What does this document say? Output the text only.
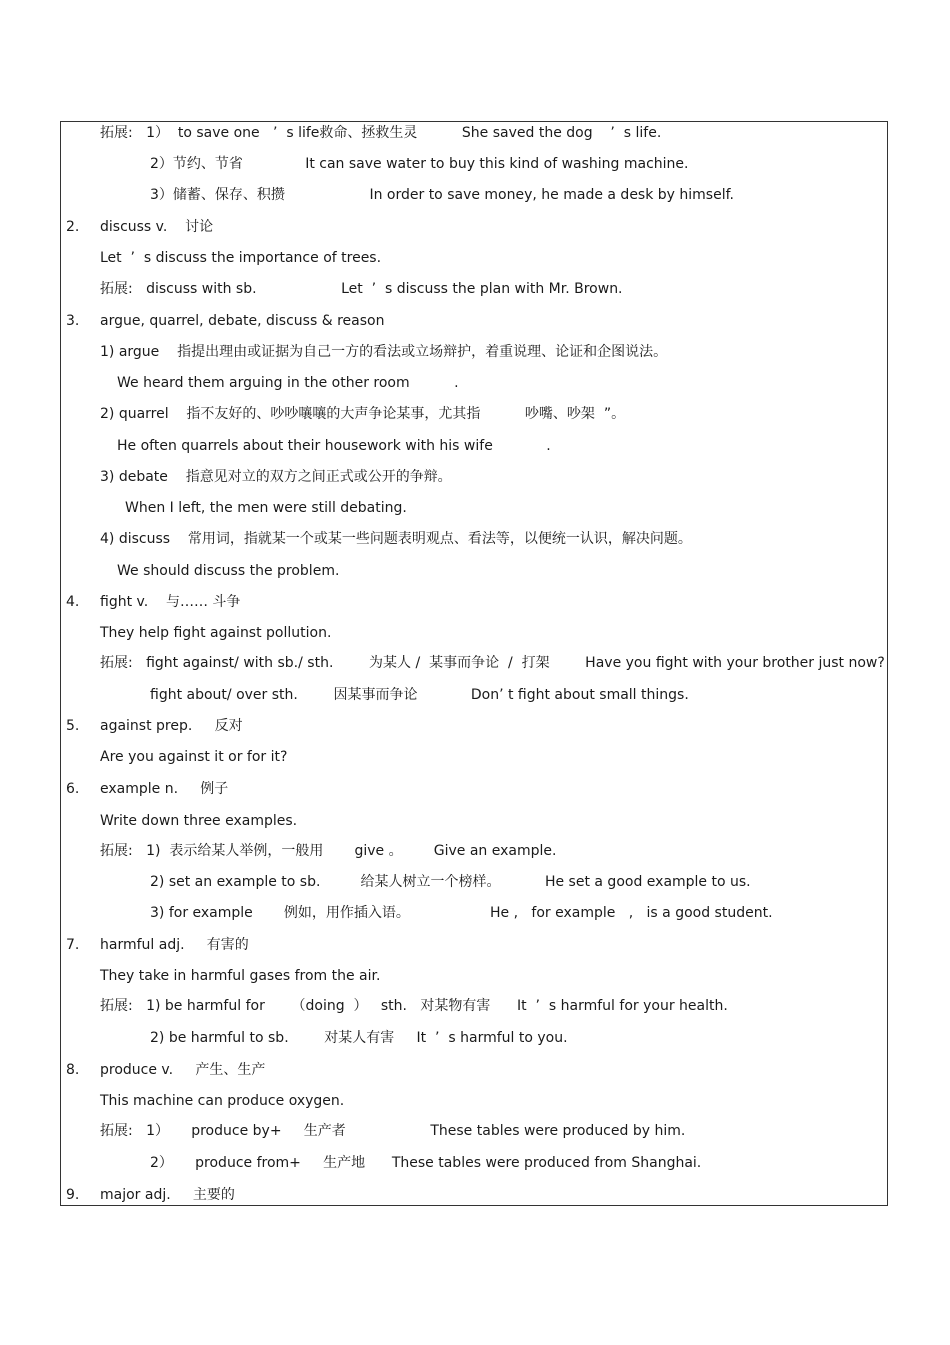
拓展:   1）  to save one   ’  s life救命、拯救生灵          She saved the dog    ’  s life.
2）节约、节省              It can save water to buy this kind of washing machine.
3）储蓄、保存、积攒                   In order to save money, he made a desk by himself.
2. discuss v.    讨论
Let  ’  s discuss the importance of trees.
拓展:   discuss with sb.                   Let  ’  s discuss the plan with Mr. Brown.
3. argue, quarrel, debate, discuss & reason
1) argue    指提出理由或证据为自己一方的看法或立场辩护，着重说理、论证和企图说法。
We heard them arguing in the other room          .
2) quarrel    指不友好的、吵吵嚷嚷的大声争论某事，尤其指          吵嘴、吵架  ”。
He often quarrels about their housework with his wife            .
3) debate    指意见对立的双方之间正式或公开的争辩。
When I left, the men were still debating.
4) discuss    常用词，指就某一个或某一些问题表明观点、看法等，以便统一认识，解决问题。
We should discuss the problem.
4. fight v.    与…… 斗争
They help fight against pollution.
拓展:   fight against/ with sb./ sth.        为某人 /  某事而争论  /  打架        Have you fight with your brother just now?
fight about/ over sth.        因某事而争论            Don’ t fight about small things.
5. against prep.     反对
Are you against it or for it?
6. example n.     例子
Write down three examples.
拓展:   1)  表示给某人举例，一般用       give 。       Give an example.
2) set an example to sb.         给某人树立一个榜样。          He set a good example to us.
3) for example       例如，用作插入语。                  He ,   for example   ,   is a good student.
7. harmful adj.     有害的
They take in harmful gases from the air.
拓展:   1) be harmful for      （doing  ）   sth.   对某物有害      It  ’  s harmful for your health.
2) be harmful to sb.        对某人有害     It  ’  s harmful to you.
8. produce v.     产生、生产
This machine can produce oxygen.
拓展:   1）     produce by+     生产者                   These tables were produced by him.
2）     produce from+     生产地      These tables were produced from Shanghai.
9. major adj.     主要的
